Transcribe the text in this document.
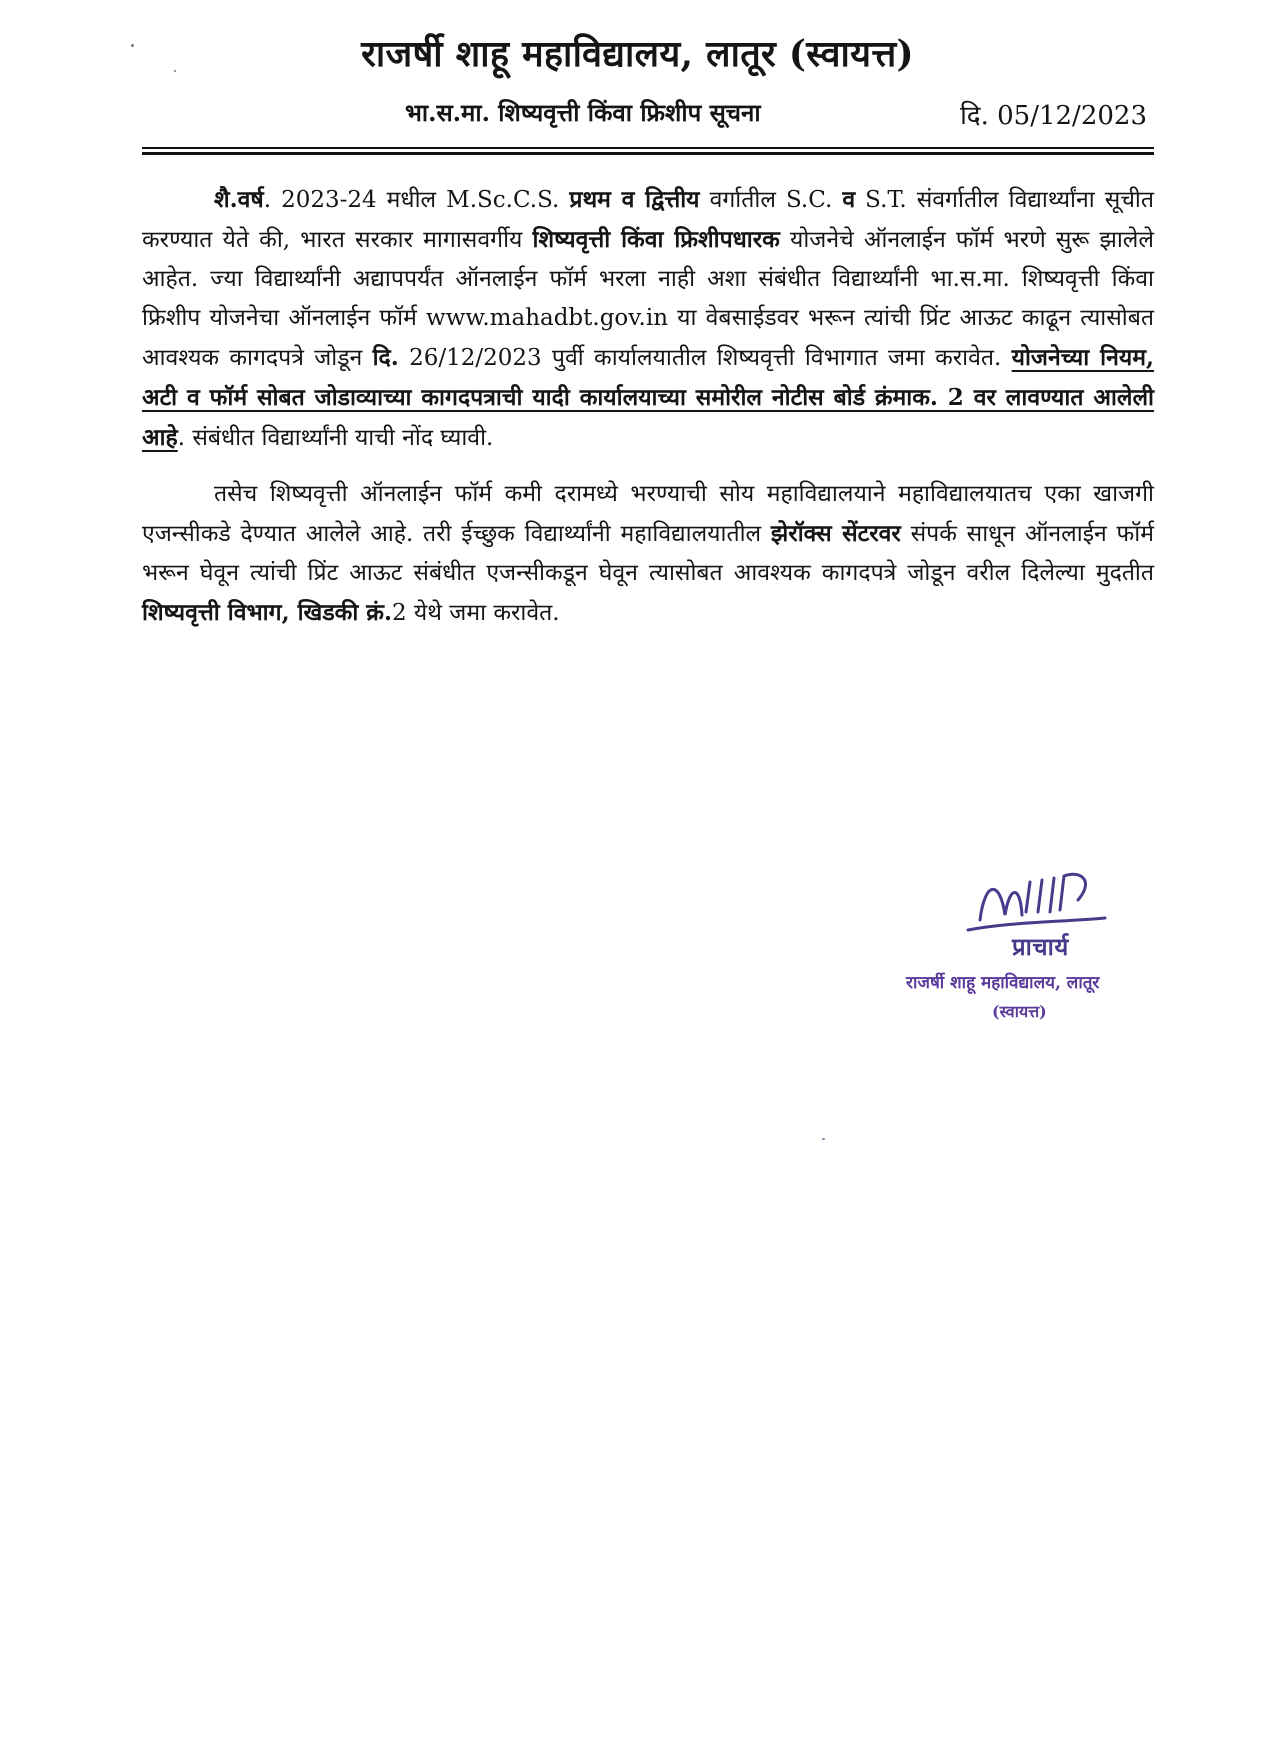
राजर्षी शाहू महाविद्यालय, लातूर (स्वायत्त)
भा.स.मा. शिष्यवृत्ती किंवा फ्रिशीप सूचना	दि. 05/12/2023

शै.वर्ष. 2023-24 मधील M.Sc.C.S. प्रथम व द्वित्तीय वर्गातील S.C. व S.T. संवर्गातील विद्यार्थ्यांना सूचीत करण्यात येते की, भारत सरकार मागासवर्गीय शिष्यवृत्ती किंवा फ्रिशीपधारक योजनेचे ऑनलाईन फॉर्म भरणे सुरू झालेले आहेत. ज्या विद्यार्थ्यांनी अद्यापपर्यंत ऑनलाईन फॉर्म भरला नाही अशा संबंधीत विद्यार्थ्यांनी भा.स.मा. शिष्यवृत्ती किंवा फ्रिशीप योजनेचा ऑनलाईन फॉर्म www.mahadbt.gov.in या वेबसाईडवर भरून त्यांची प्रिंट आऊट काढून त्यासोबत आवश्यक कागदपत्रे जोडून दि. 26/12/2023 पुर्वी कार्यालयातील शिष्यवृत्ती विभागात जमा करावेत. योजनेच्या नियम, अटी व फॉर्म सोबत जोडाव्याच्या कागदपत्राची यादी कार्यालयाच्या समोरील नोटीस बोर्ड क्रंमाक. 2 वर लावण्यात आलेली आहे. संबंधीत विद्यार्थ्यांनी याची नोंद घ्यावी.

तसेच शिष्यवृत्ती ऑनलाईन फॉर्म कमी दरामध्ये भरण्याची सोय महाविद्यालयाने महाविद्यालयातच एका खाजगी एजन्सीकडे देण्यात आलेले आहे. तरी ईच्छुक विद्यार्थ्यांनी महाविद्यालयातील झेरॉक्स सेंटरवर संपर्क साधून ऑनलाईन फॉर्म भरून घेवून त्यांची प्रिंट आऊट संबंधीत एजन्सीकडून घेवून त्यासोबत आवश्यक कागदपत्रे जोडून वरील दिलेल्या मुदतीत शिष्यवृत्ती विभाग, खिडकी क्रं.2 येथे जमा करावेत.

प्राचार्य
राजर्षी शाहू महाविद्यालय, लातूर
(स्वायत्त)
